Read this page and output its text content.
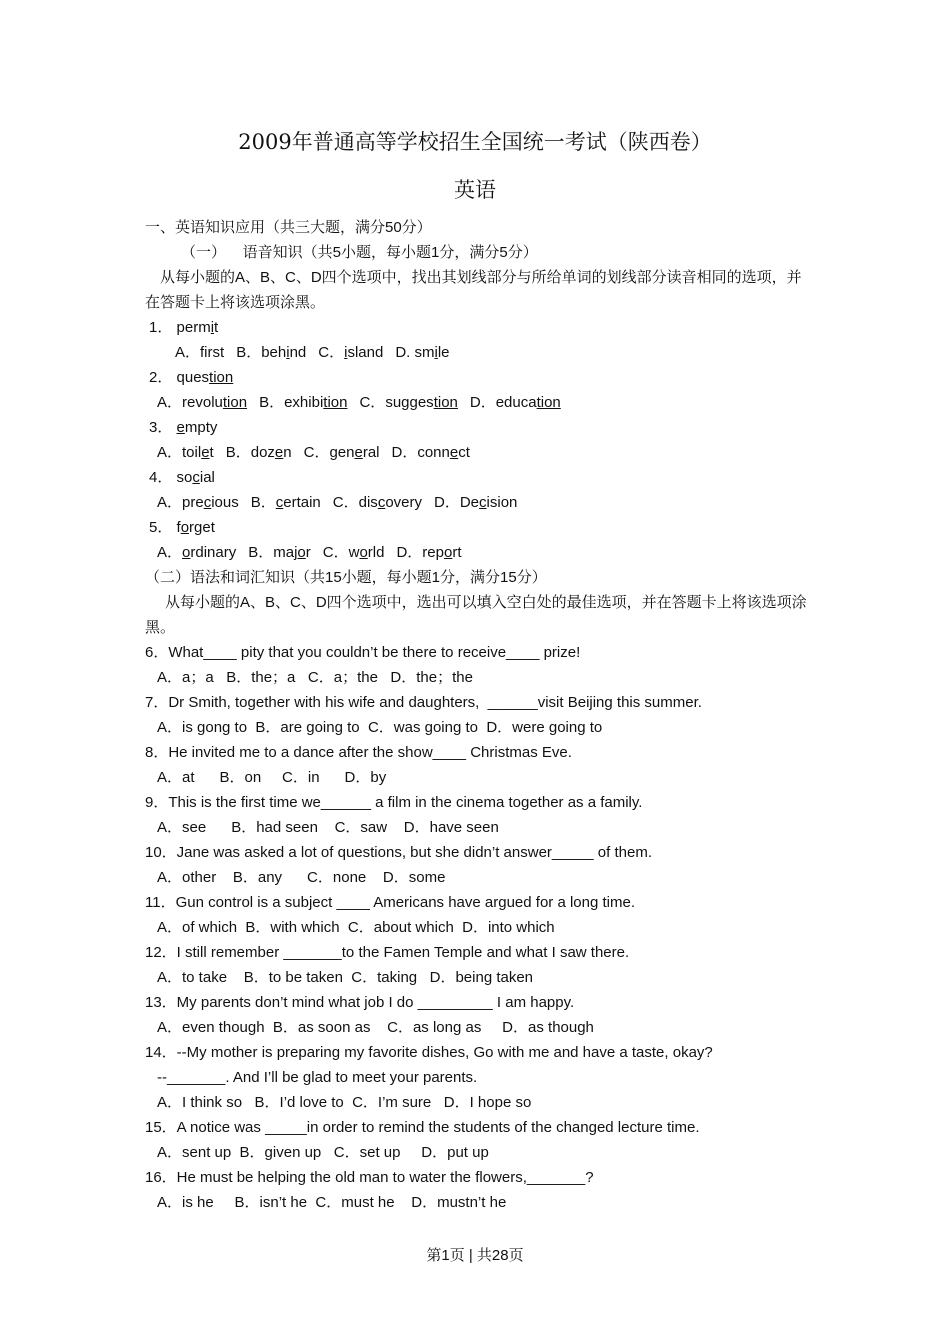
2009年普通高等学校招生全国统一考试（陕西卷）
英语
一、英语知识应用（共三大题，满分50分）
（一）    语音知识（共5小题，每小题1分，满分5分）
从每小题的A、B、C、D四个选项中，找出其划线部分与所给单词的划线部分读音相同的选项，并在答题卡上将该选项涂黑。
1． permit
A．first B．behind C．island D. smile
2． question
A．revolution B．exhibition C．suggestion D．education
3． empty
A．toilet B．dozen C．general D．connect
4． social
A．precious B．certain C．discovery D．Decision
5． forget
A．ordinary B．major C．world D．report
（二）语法和词汇知识（共15小题，每小题1分，满分15分）
从每小题的A、B、C、D四个选项中，选出可以填入空白处的最佳选项，并在答题卡上将该选项涂黑。
6．What____ pity that you couldn’t be there to receive____ prize!
A．a；a   B．the；a   C．a；the   D．the；the
7．Dr Smith, together with his wife and daughters,  ______visit Beijing this summer.
A．is gong to  B．are going to  C．was going to  D．were going to
8．He invited me to a dance after the show____ Christmas Eve.
A．at      B．on     C．in      D．by
9．This is the first time we______ a film in the cinema together as a family.
A．see      B．had seen    C．saw    D．have seen
10．Jane was asked a lot of questions, but she didn’t answer_____ of them.
A．other    B．any      C．none    D．some
11．Gun control is a subject ____ Americans have argued for a long time.
A．of which  B．with which  C．about which  D．into which
12．I still remember _______to the Famen Temple and what I saw there.
A．to take    B．to be taken  C．taking   D．being taken
13．My parents don’t mind what job I do _________ I am happy.
A．even though  B．as soon as    C．as long as     D．as though
14．--My mother is preparing my favorite dishes, Go with me and have a taste, okay?
--_______. And I’ll be glad to meet your parents.
A．I think so   B．I’d love to  C．I’m sure   D．I hope so
15．A notice was _____in order to remind the students of the changed lecture time.
A．sent up  B．given up   C．set up     D．put up
16．He must be helping the old man to water the flowers,_______?
A．is he     B．isn’t he  C．must he    D．mustn’t he
第1页 | 共28页
